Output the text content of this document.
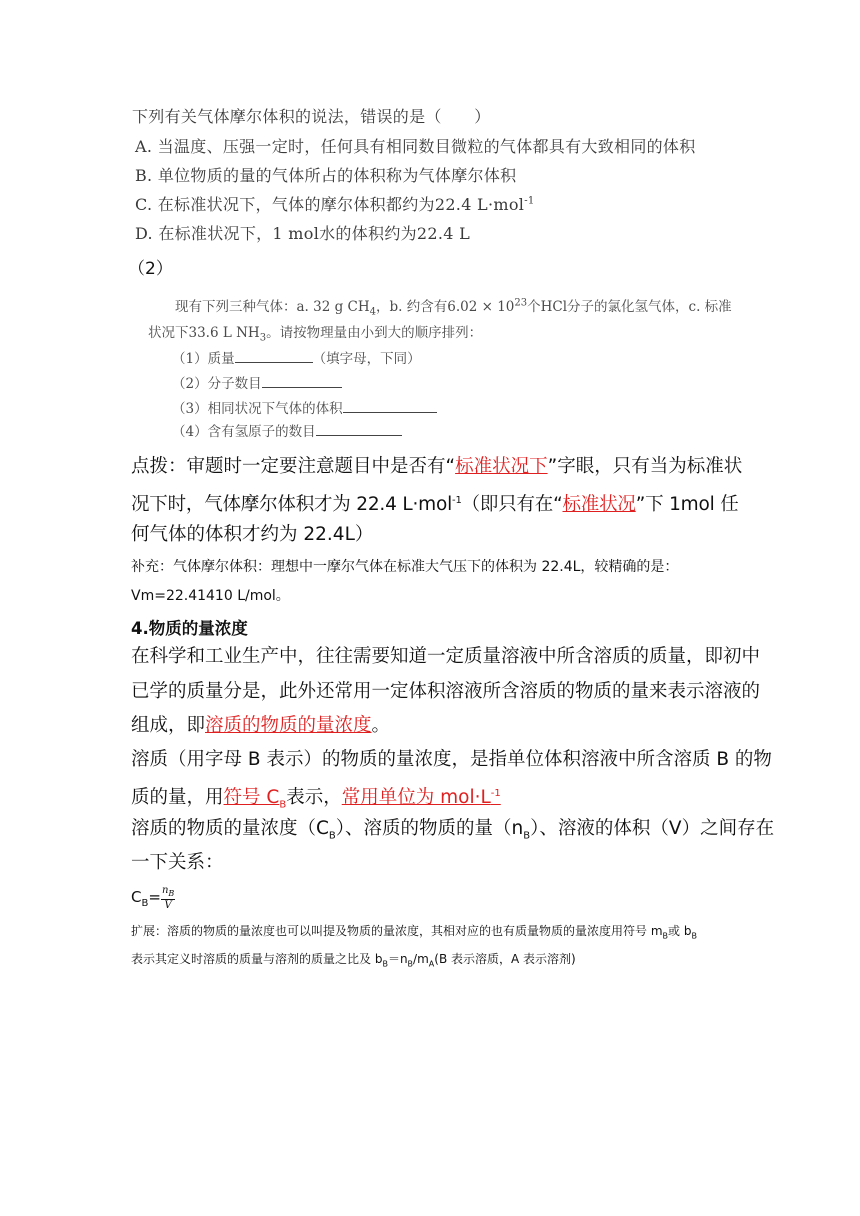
下列有关气体摩尔体积的说法，错误的是（　　）
A. 当温度、压强一定时，任何具有相同数目微粒的气体都具有大致相同的体积
B. 单位物质的量的气体所占的体积称为气体摩尔体积
C. 在标准状况下，气体的摩尔体积都约为22.4 L·mol$^{-1}$
D. 在标准状况下，1 mol水的体积约为22.4 L
（2）
现有下列三种气体：a. 32 g $CH_4$，b. 约含有$6.02 \times 10^{23}$个HCl分子的氯化氢气体，c. 标准
状况下33.6 L $NH_3$。请按物理量由小到大的顺序排列：
（1）质量	（填字母，下同）
（2）分子数目
（3）相同状况下气体的体积
（4）含有氢原子的数目
点拨：审题时一定要注意题目中是否有“标准状况下”字眼，只有当为标准状
况下时，气体摩尔体积才为 22.4 L·mol$^{-1}$（即只有在“标准状况”下 1mol 任
何气体的体积才约为 22.4L）
补充：气体摩尔体积：理想中一摩尔气体在标准大气压下的体积为 22.4L，较精确的是：
Vm=22.41410 L/mol。
4.物质的量浓度
在科学和工业生产中，往往需要知道一定质量溶液中所含溶质的质量，即初中
已学的质量分是，此外还常用一定体积溶液所含溶质的物质的量来表示溶液的
组成，即溶质的物质的量浓度。
溶质（用字母 B 表示）的物质的量浓度，是指单位体积溶液中所含溶质 B 的物
质的量，用符号 $C_B$表示，常用单位为 $mol\cdot L^{-1}$
溶质的物质的量浓度$(C_B)$、溶质的物质的量$(n_B)$、溶液的体积（V）之间存在
一下关系：
$C_B= \frac{n_B}{V}$
扩展：溶质的物质的量浓度也可以叫提及物质的量浓度，其相对应的也有质量物质的量浓度用符号 $m_B$或 $b_B$
表示其定义时溶质的质量与溶剂的质量之比及 $b_B=n_B/m_A(B$ 表示溶质，A 表示溶剂)
